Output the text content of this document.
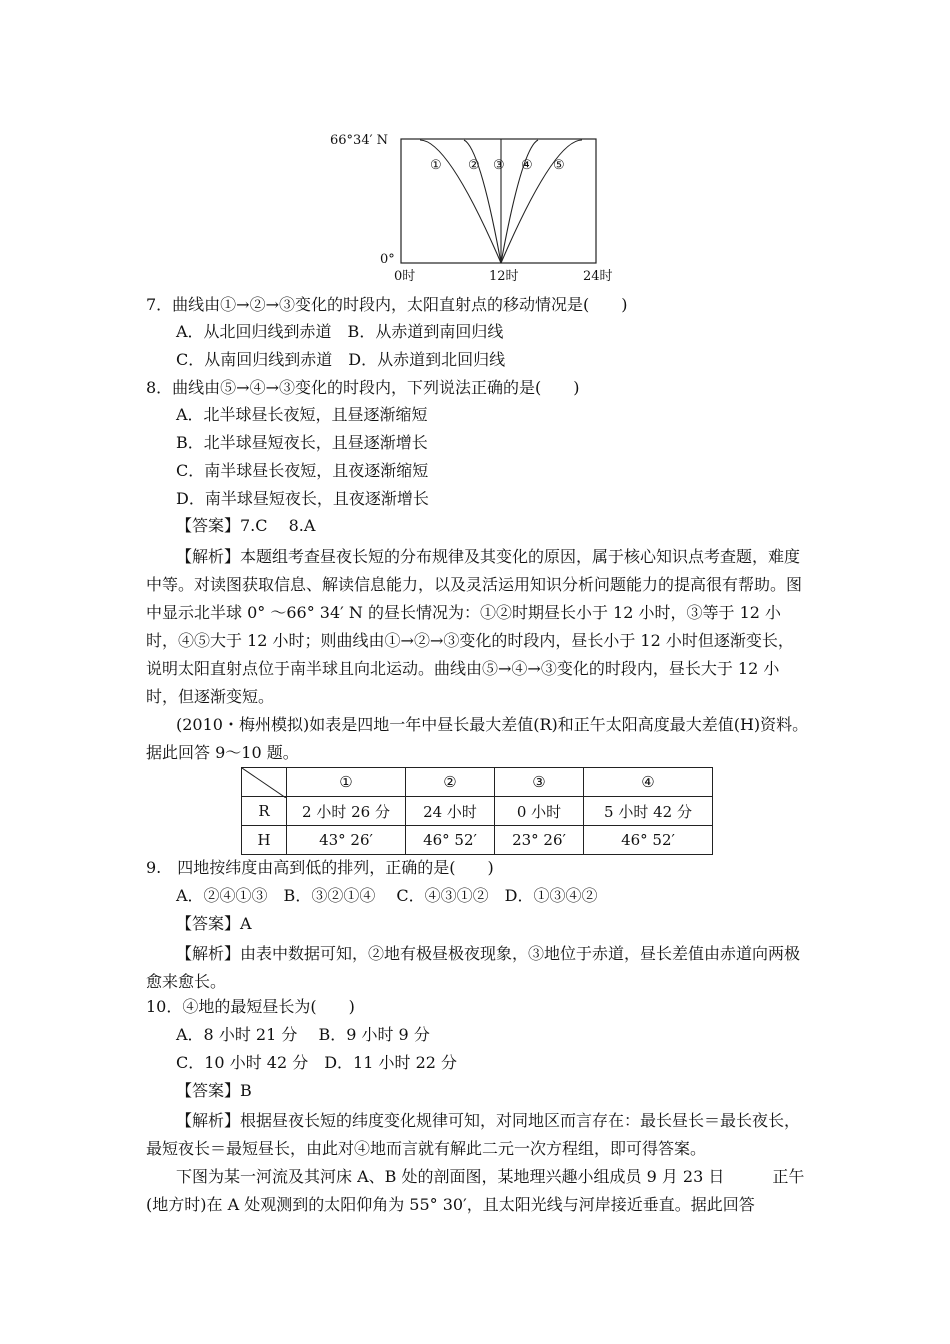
66°34′ N
0°
0时	12时	24时
① ② ③ ④ ⑤
7．曲线由①→②→③变化的时段内，太阳直射点的移动情况是(　　)
A．从北回归线到赤道　B．从赤道到南回归线
C．从南回归线到赤道　D．从赤道到北回归线
8．曲线由⑤→④→③变化的时段内，下列说法正确的是(　　)
A．北半球昼长夜短，且昼逐渐缩短
B．北半球昼短夜长，且昼逐渐增长
C．南半球昼长夜短，且夜逐渐缩短
D．南半球昼短夜长，且夜逐渐增长
【答案】7.C　 8.A
【解析】本题组考查昼夜长短的分布规律及其变化的原因，属于核心知识点考查题，难度中等。对读图获取信息、解读信息能力，以及灵活运用知识分析问题能力的提高很有帮助。图中显示北半球 0° ～66° 34′ N 的昼长情况为：①②时期昼长小于 12 小时，③等于 12 小时，④⑤大于 12 小时；则曲线由①→②→③变化的时段内，昼长小于 12 小时但逐渐变长，说明太阳直射点位于南半球且向北运动。曲线由⑤→④→③变化的时段内，昼长大于 12 小时，但逐渐变短。
(2010・梅州模拟)如表是四地一年中昼长最大差值(R)和正午太阳高度最大差值(H)资料。　 据此回答 9～10 题。
	①	②	③	④
R	2 小时 26 分	24 小时	0 小时	5 小时 42 分
H	43° 26′	46° 52′	23° 26′	46° 52′
9.　四地按纬度由高到低的排列，正确的是(　　)
A．②④①③　B．③②①④　 C．④③①②　D．①③④②
【答案】A
【解析】由表中数据可知，②地有极昼极夜现象，③地位于赤道，昼长差值由赤道向两极愈来愈长。
10．④地的最短昼长为(　　)
A．8 小时 21 分　 B．9 小时 9 分
C．10 小时 42 分　D．11 小时 22 分
【答案】B
【解析】根据昼夜长短的纬度变化规律可知，对同地区而言存在：最长昼长＝最长夜长，最短夜长＝最短昼长，由此对④地而言就有解此二元一次方程组，即可得答案。
下图为某一河流及其河床 A、B 处的剖面图，某地理兴趣小组成员 9 月 23 日　　　正午(地方时)在 A 处观测到的太阳仰角为 55° 30′，且太阳光线与河岸接近垂直。据此回答
